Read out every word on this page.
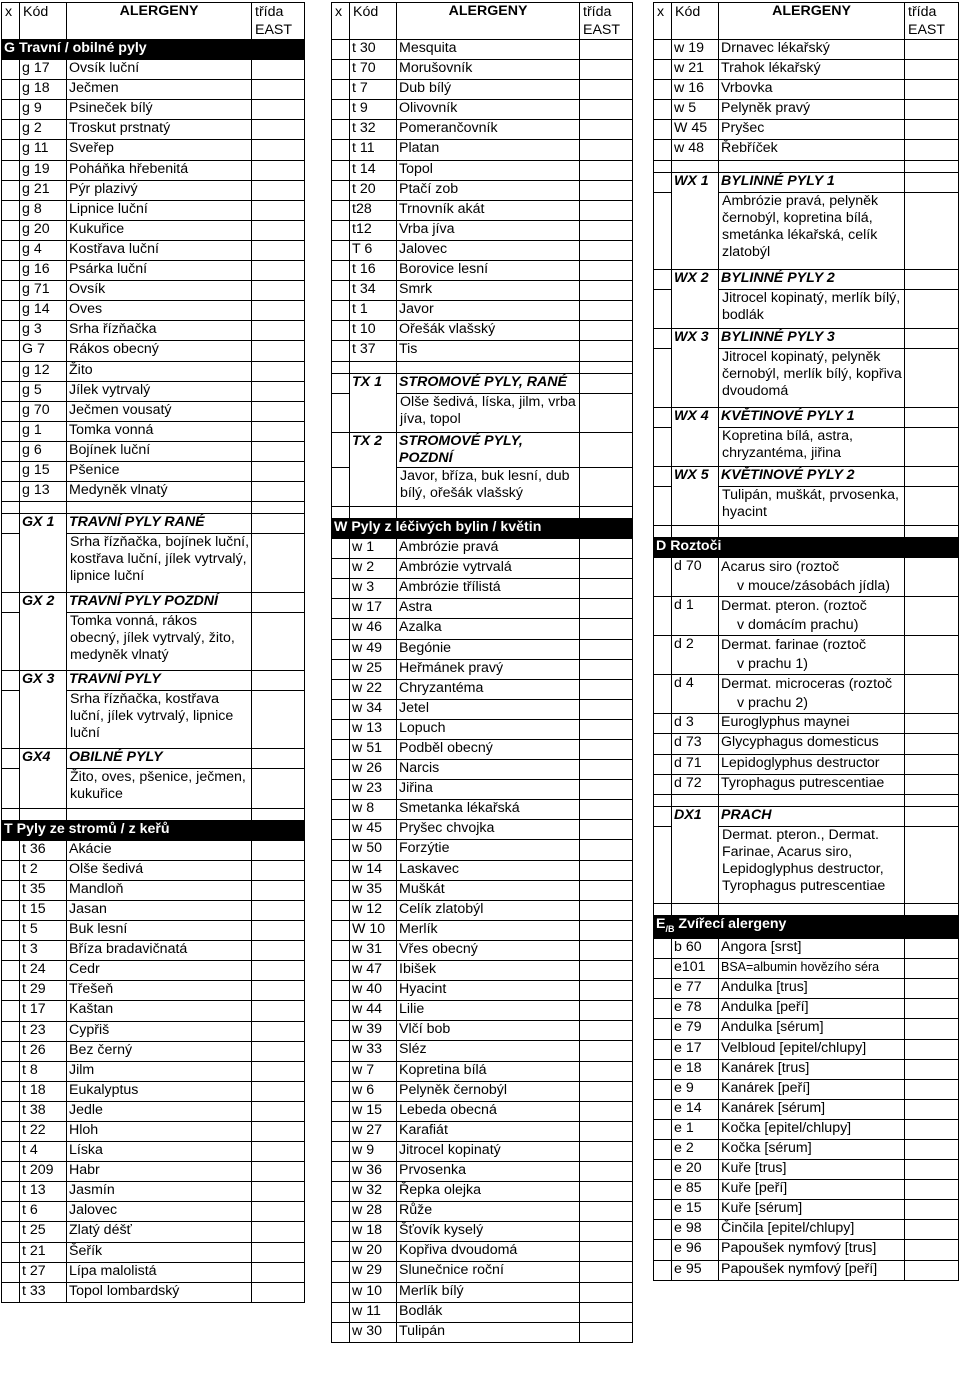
x	Kód	ALERGENY	třída
EAST
G Travní / obilné pyly			
	g 17	Ovsík luční	
	g 18	Ječmen	
	g 9	Psineček bílý	
	g 2	Troskut prstnatý	
	g 11	Sveřep	
	g 19	Poháňka hřebenitá	
	g 21	Pýr plazivý	
	g 8	Lipnice luční	
	g 20	Kukuřice	
	g 4	Kostřava luční	
	g 16	Psárka luční	
	g 71	Ovsík	
	g 14	Oves	
	g 3	Srha řízňačka	
	G 7	Rákos obecný	
	g 12	Žito	
	g 5	Jílek vytrvalý	
	g 70	Ječmen vousatý	
	g 1	Tomka vonná	
	g 6	Bojínek luční	
	g 15	Pšenice	
	g 13	Medyněk vlnatý	

	GX 1	TRAVNÍ PYLY RANÉ	
		Srha řízňačka, bojínek luční, kostřava luční, jílek vytrvalý, lipnice luční	
	GX 2	TRAVNÍ PYLY POZDNÍ	
		Tomka vonná, rákos obecný, jílek vytrvalý, žito, medyněk vlnatý	
	GX 3	TRAVNÍ PYLY	
		Srha řízňačka, kostřava luční, jílek vytrvalý, lipnice luční	
	GX4	OBILNÉ PYLY	
		Žito, oves, pšenice, ječmen, kukuřice	

T Pyly ze stromů / z keřů			
	t 36	Akácie	
	t 2	Olše šedivá	
	t 35	Mandloň	
	t 15	Jasan	
	t 5	Buk lesní	
	t 3	Bříza bradavičnatá	
	t 24	Cedr	
	t 29	Třešeň	
	t 17	Kaštan	
	t 23	Cypřiš	
	t 26	Bez černý	
	t 8	Jilm	
	t 18	Eukalyptus	
	t 38	Jedle	
	t 22	Hloh	
	t 4	Líska	
	t 209	Habr	
	t 13	Jasmín	
	t 6	Jalovec	
	t 25	Zlatý déšť	
	t 21	Šeřík	
	t 27	Lípa malolistá	
	t 33	Topol lombardský	
x	Kód	ALERGENY	třída
EAST
	t 30	Mesquita	
	t 70	Morušovník	
	t 7	Dub bílý	
	t 9	Olivovník	
	t 32	Pomerančovník	
	t 11	Platan	
	t 14	Topol	
	t 20	Ptačí zob	
	t28	Trnovník akát	
	t12	Vrba jíva	
	T 6	Jalovec	
	t 16	Borovice lesní	
	t 34	Smrk	
	t 1	Javor	
	t 10	Ořešák vlašský	
	t 37	Tis	

	TX 1	STROMOVÉ PYLY, RANÉ	
		Olše šedivá, líska, jilm, vrba jíva, topol	
	TX 2	STROMOVÉ PYLY, POZDNÍ	
		Javor, bříza, buk lesní, dub bílý, ořešák vlašský	

W Pyly z léčivých bylin / květin			
	w 1	Ambrózie pravá	
	w 2	Ambrózie vytrvalá	
	w 3	Ambrózie třílistá	
	w 17	Astra	
	w 46	Azalka	
	w 49	Begónie	
	w 25	Heřmánek pravý	
	w 22	Chryzantéma	
	w 34	Jetel	
	w 13	Lopuch	
	w 51	Podběl obecný	
	w 26	Narcis	
	w 23	Jiřina	
	w 8	Smetanka lékařská	
	w 45	Pryšec chvojka	
	w 50	Forzýtie	
	w 14	Laskavec	
	w 35	Muškát	
	w 12	Celík zlatobýl	
	W 10	Merlík	
	w 31	Vřes obecný	
	w 47	Ibišek	
	w 40	Hyacint	
	w 44	Lilie	
	w 39	Vlčí bob	
	w 33	Sléz	
	w 7	Kopretina bílá	
	w 6	Pelyněk černobýl	
	w 15	Lebeda obecná	
	w 27	Karafiát	
	w 9	Jitrocel kopinatý	
	w 36	Prvosenka	
	w 32	Řepka olejka	
	w 28	Růže	
	w 18	Šťovík kyselý	
	w 20	Kopřiva dvoudomá	
	w 29	Slunečnice roční	
	w 10	Merlík bílý	
	w 11	Bodlák	
	w 30	Tulipán	
x	Kód	ALERGENY	třída
EAST
	w 19	Drnavec lékařský	
	w 21	Trahok lékařský	
	w 16	Vrbovka	
	w 5	Pelyněk pravý	
	W 45	Pryšec	
	w 48	Řebříček	

	WX 1	BYLINNÉ PYLY 1	
		Ambrózie pravá, pelyněk černobýl, kopretina bílá, smetánka lékařská, celík zlatobýl	
	WX 2	BYLINNÉ PYLY 2	
		Jitrocel kopinatý, merlík bílý, bodlák	
	WX 3	BYLINNÉ PYLY 3	
		Jitrocel kopinatý, pelyněk černobýl, merlík bílý, kopřiva dvoudomá	
	WX 4	KVĚTINOVÉ PYLY 1	
		Kopretina bílá, astra, chryzantéma, jiřina	
	WX 5	KVĚTINOVÉ PYLY 2	
		Tulipán, muškát, prvosenka, hyacint	

D Roztoči			
	d 70	Acarus siro (roztoč
v mouce/zásobách jídla)	
	d 1	Dermat. pteron. (roztoč
v domácím prachu)	
	d 2	Dermat. farinae (roztoč
v prachu 1)	
	d 4	Dermat. microceras (roztoč
v prachu 2)	
	d 3	Euroglyphus maynei	
	d 73	Glycyphagus domesticus	
	d 71	Lepidoglyphus destructor	
	d 72	Tyrophagus putrescentiae	

	DX1	PRACH	
		Dermat. pteron., Dermat. Farinae, Acarus siro, Lepidoglyphus destructor, Tyrophagus putrescentiae	

$E_{/B}$ Zvířecí alergeny			
	b 60	Angora [srst]	
	e101	BSA=albumin hovězího séra	
	e 77	Andulka [trus]	
	e 78	Andulka [peří]	
	e 79	Andulka [sérum]	
	e 17	Velbloud [epitel/chlupy]	
	e 18	Kanárek [trus]	
	e 9	Kanárek [peří]	
	e 14	Kanárek [sérum]	
	e 1	Kočka [epitel/chlupy]	
	e 2	Kočka [sérum]	
	e 20	Kuře [trus]	
	e 85	Kuře [peří]	
	e 15	Kuře [sérum]	
	e 98	Činčila [epitel/chlupy]	
	e 96	Papoušek nymfový [trus]	
	e 95	Papoušek nymfový [peří]	
